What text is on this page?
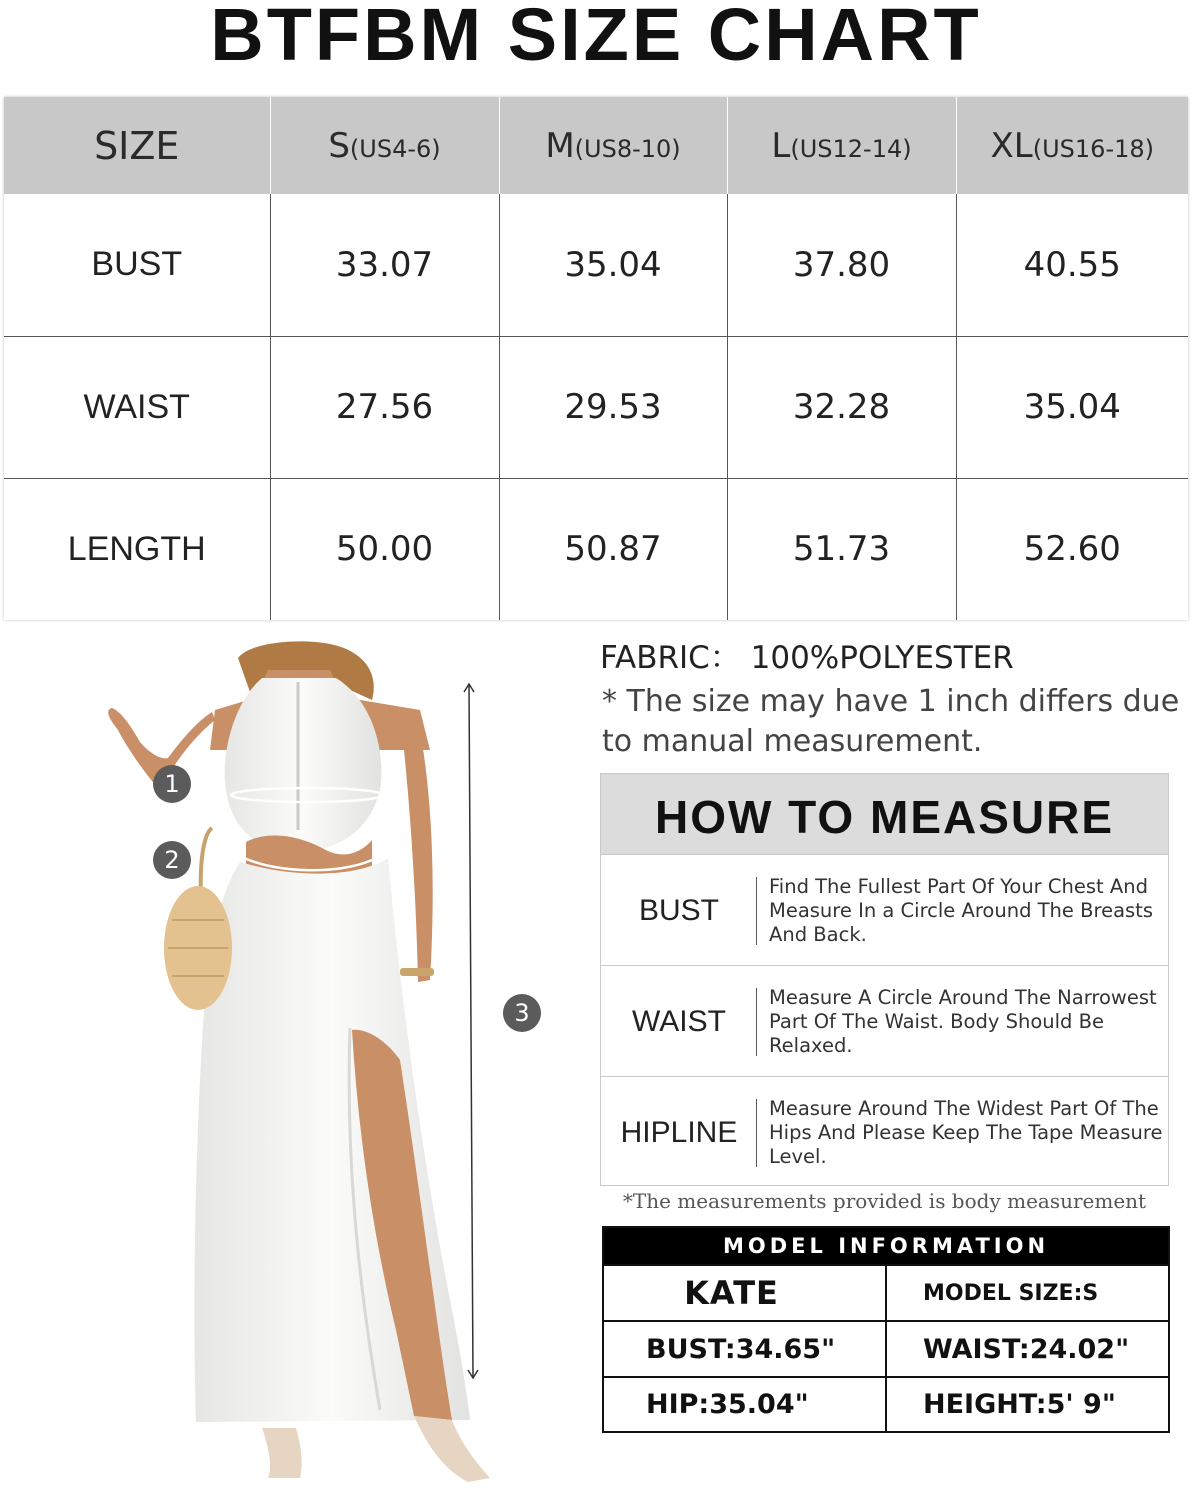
BTFBM SIZE CHART
SIZE	S(US4-6)	M(US8-10)	L(US12-14)	XL(US16-18)
BUST	33.07	35.04	37.80	40.55
WAIST	27.56	29.53	32.28	35.04
LENGTH	50.00	50.87	51.73	52.60
1
2
3
FABRIC： 100%POLYESTER
* The size may have 1 inch differs due to manual measurement.
HOW TO MEASURE
BUST
Find The Fullest Part Of Your Chest And Measure In a Circle Around The Breasts And Back.
WAIST
Measure A Circle Around The Narrowest Part Of The Waist. Body Should Be Relaxed.
HIPLINE
Measure Around The Widest Part Of The Hips And Please Keep The Tape Measure Level.
*The measurements provided is body measurement
MODEL INFORMATION
KATE	MODEL SIZE:S
BUST:34.65"	WAIST:24.02"
HIP:35.04"	HEIGHT:5' 9"
